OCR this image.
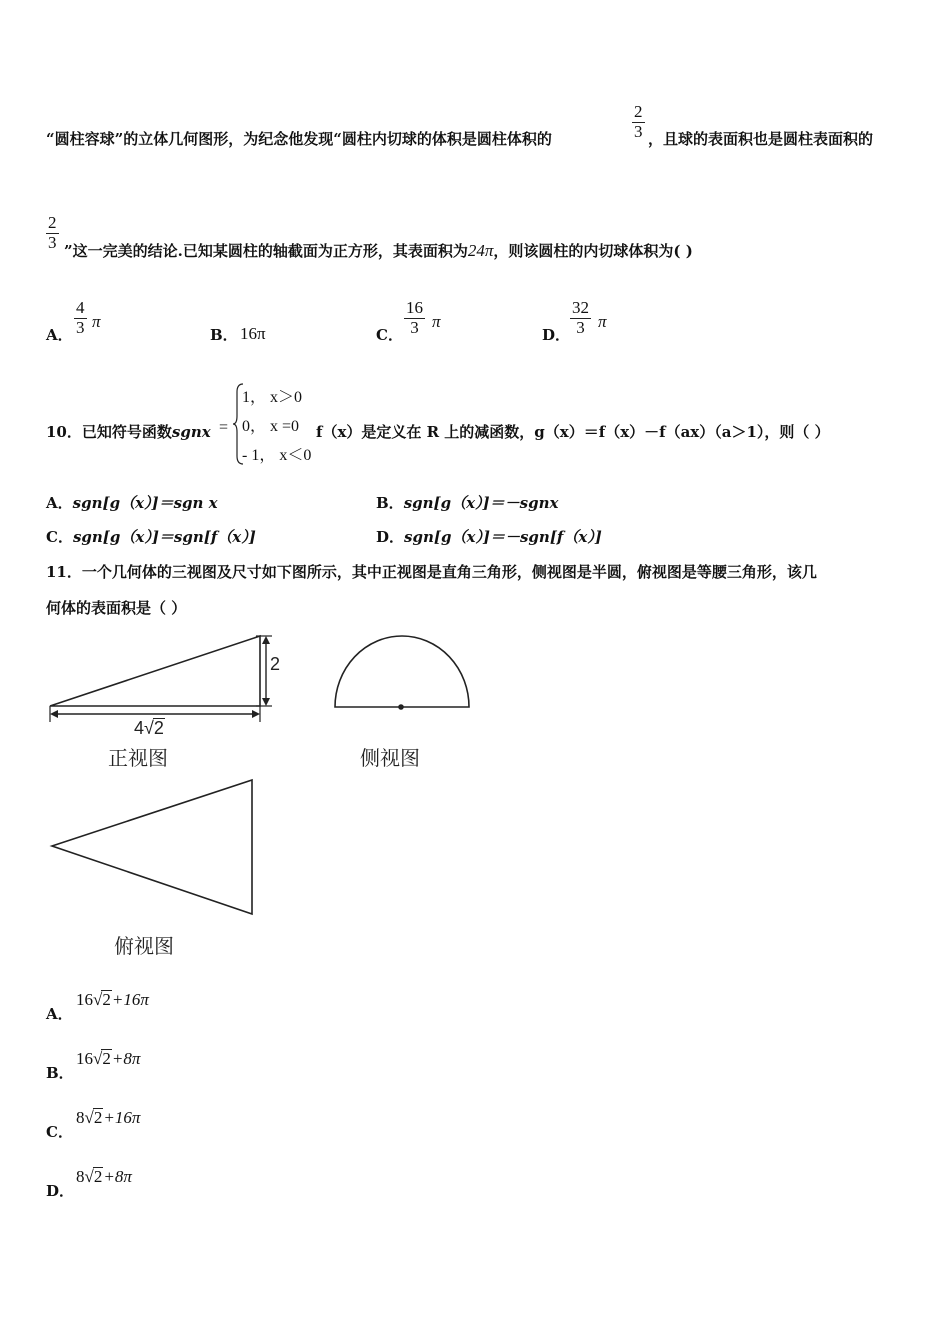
“圆柱容球”的立体几何图形，为纪念他发现“圆柱内切球的体积是圆柱体积的	$\frac{2}{3}$ ，且球的表面积也是圆柱表面积的
$\frac{2}{3}$ ”这一完美的结论.已知某圆柱的轴截面为正方形，其表面积为24π，则该圆柱的内切球体积为( )
A． $\frac{4}{3}$ π
B． 16π	C． $\frac{16}{3}$ π
D． $\frac{32}{3}$ π
10．已知符号函数sgnx =
1， x＞0
0， x =0
- 1， x＜0
f（x）是定义在 R 上的减函数，g（x）＝f（x）－f（ax）（a＞1），则（ ）
A．sgn[g（x）]＝sgn x	B．sgn[g（x）]＝－sgnx
C．sgn[g（x）]＝sgn[f（x）]	D．sgn[g（x）]＝－sgn[f（x）]
11．一个几何体的三视图及尺寸如下图所示，其中正视图是直角三角形，侧视图是半圆，俯视图是等腰三角形，该几
何体的表面积是（ ）
2
4√2
正视图	侧视图
俯视图
A．
16√2+16π
B．
16√2+8π
C．
8√2+16π
D．
8√2+8π
